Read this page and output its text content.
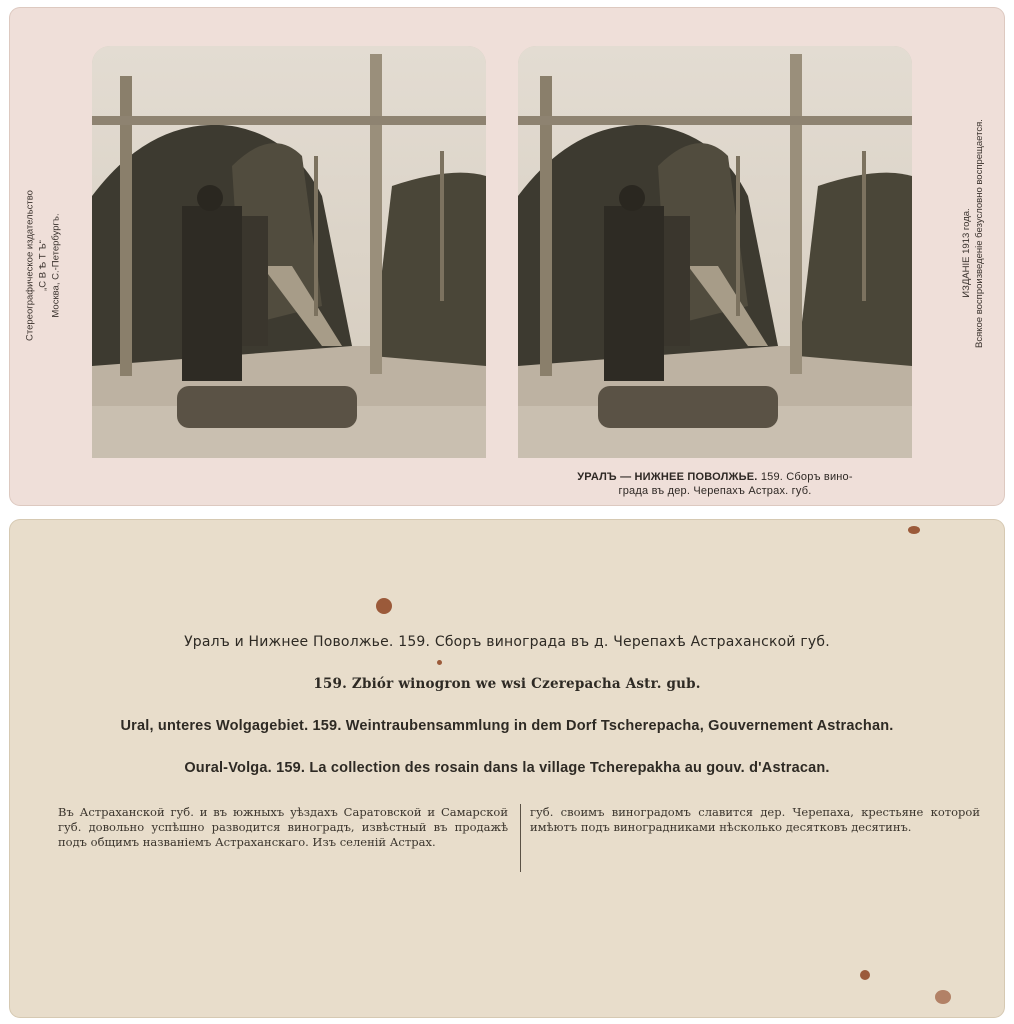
Стереографическое издательство „С В Ѣ Т Ъ“ Москва, С.-Петербургъ.
УРАЛЪ — НИЖНЕЕ ПОВОЛЖЬЕ. 159. Сборъ вино-
града въ дер. Черепахъ Астрах. губ.
ИЗДАНІЕ 1913 года. Всякое воспроизведеніе безусловно воспрещается.
Уралъ и Нижнее Поволжье. 159. Сборъ винограда въ д. Черепахѣ Астраханской губ.
159. Zbiór winogron we wsi Czerepacha Astr. gub.
Ural, unteres Wolgagebiet. 159. Weintraubensammlung in dem Dorf Tscherepacha, Gouvernement Astrachan.
Oural-Volga. 159. La collection des rosain dans la village Tcherepakha au gouv. d'Astracan.
Въ Астраханской губ. и въ южныхъ уѣздахъ Саратовской и Самарской губ. довольно успѣшно разводится виноградъ, извѣстный въ продажѣ подъ общимъ названіемъ Астраханскаго. Изъ селеній Астрах.
губ. своимъ виноградомъ славится дер. Черепаха, крестьяне которой имѣютъ подъ виноградниками нѣсколько десятковъ десятинъ.
